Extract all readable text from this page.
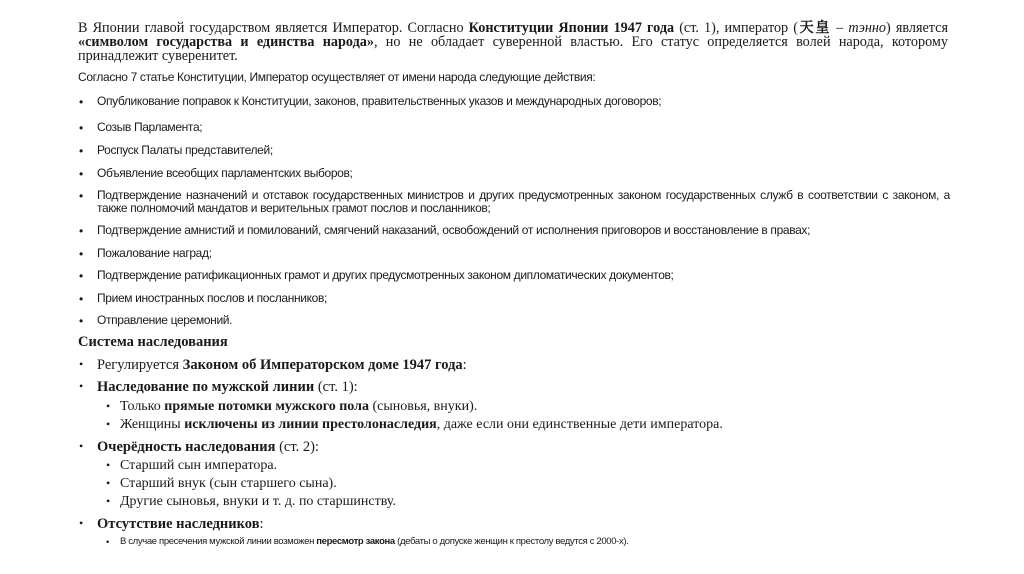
В Японии главой государством является Император. Согласно Конституции Японии 1947 года (ст. 1), император (天皇 – тэнно) является «символом государства и единства народа», но не обладает суверенной властью. Его статус определяется волей народа, которому принадлежит суверенитет.
Согласно 7 статье Конституции, Император осуществляет от имени народа следующие действия:
Опубликование поправок к Конституции, законов, правительственных указов и международных договоров;
Созыв Парламента;
Роспуск Палаты представителей;
Объявление всеобщих парламентских выборов;
Подтверждение назначений и отставок государственных министров и других предусмотренных законом государственных служб в соответствии с законом, а также полномочий мандатов и верительных грамот послов и посланников;
Подтверждение амнистий и помилований, смягчений наказаний, освобождений от исполнения приговоров и восстановление в правах;
Пожалование наград;
Подтверждение ратификационных грамот и других предусмотренных законом дипломатических документов;
Прием иностранных послов и посланников;
Отправление церемоний.
Система наследования
Регулируется Законом об Императорском доме 1947 года:
Наследование по мужской линии (ст. 1):
Только прямые потомки мужского пола (сыновья, внуки).
Женщины исключены из линии престолонаследия, даже если они единственные дети императора.
Очерёдность наследования (ст. 2):
Старший сын императора.
Старший внук (сын старшего сына).
Другие сыновья, внуки и т. д. по старшинству.
Отсутствие наследников:
В случае пресечения мужской линии возможен пересмотр закона (дебаты о допуске женщин к престолу ведутся с 2000-х).
•
•
•
•
•
•
•
•
•
•
•
•
•
•
•
•
•
•
•
•
